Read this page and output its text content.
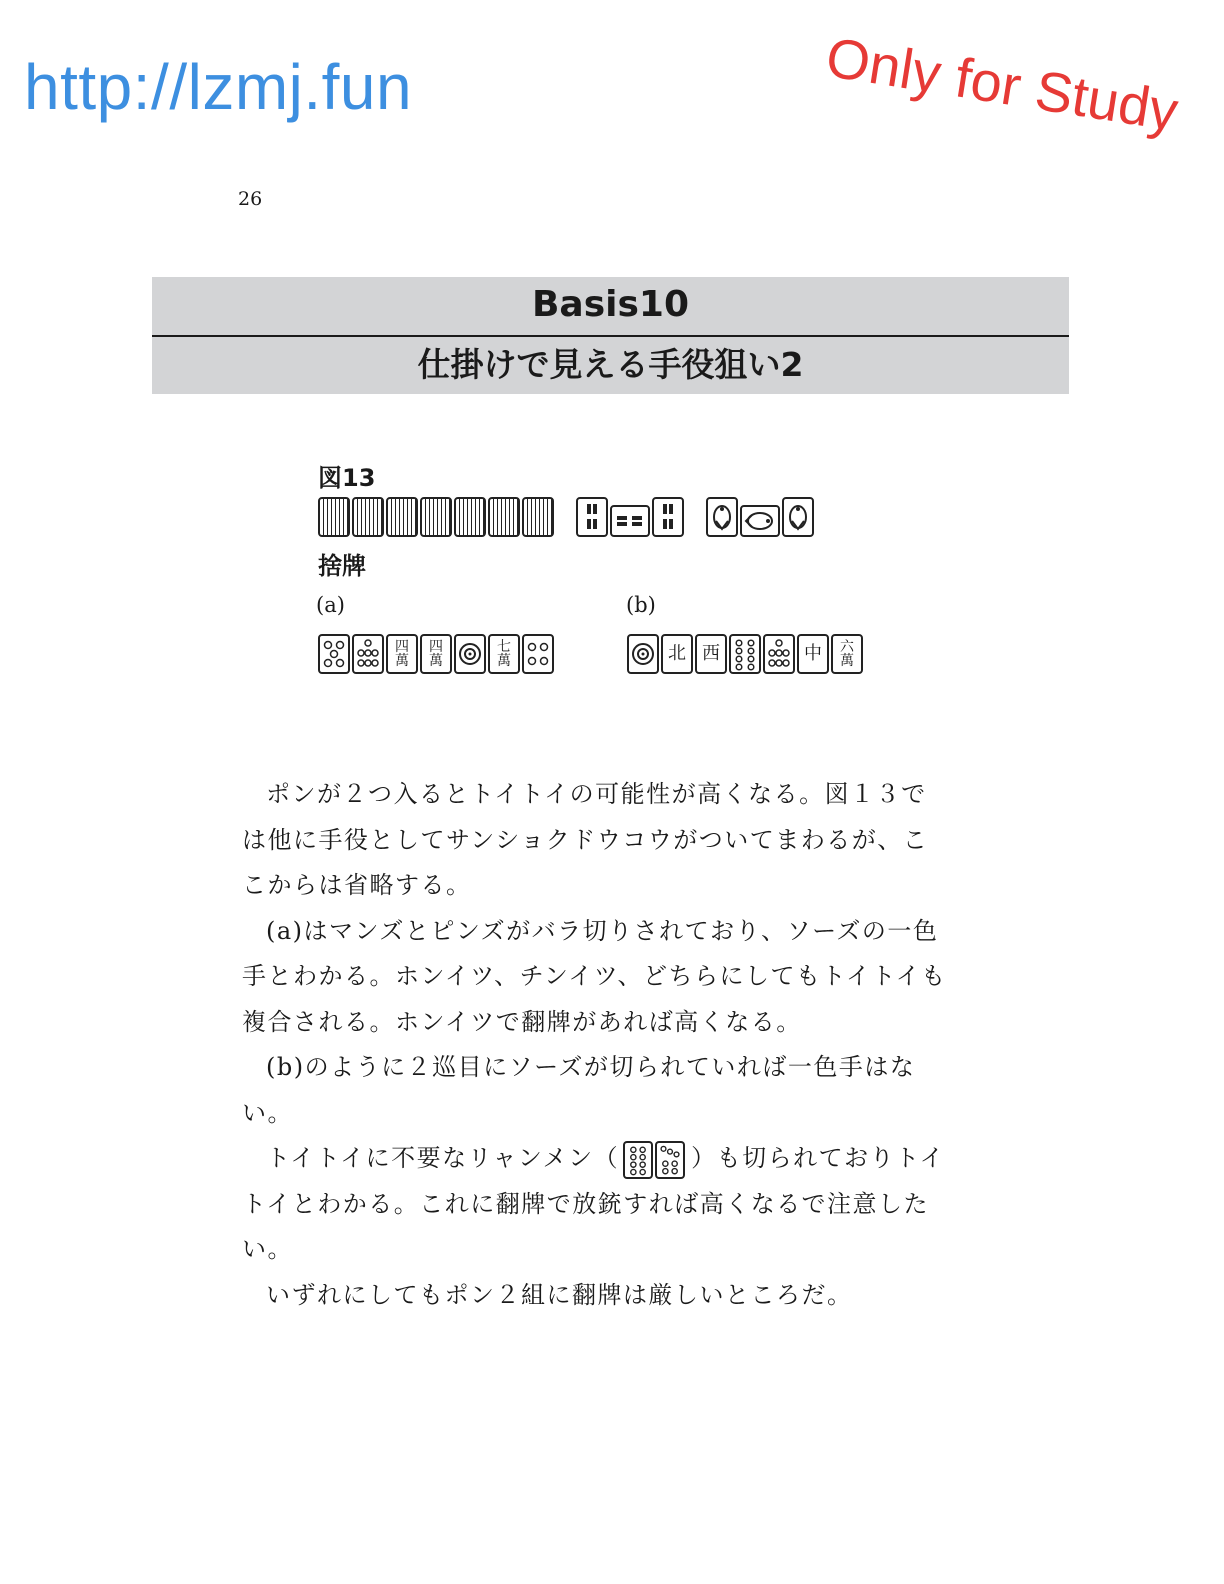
http://lzmj.fun	Only for Study
26
Basis10
仕掛けで見える手役狙い2
図13
捨牌
(a)	(b)
四
萬
四
萬
七
萬	北 西	中	六
萬

ポンが２つ入るとトイトイの可能性が高くなる。図１３では他に手役としてサンショクドウコウがついてまわるが、ここからは省略する。

(a)はマンズとピンズがバラ切りされており、ソーズの一色手とわかる。ホンイツ、チンイツ、どちらにしてもトイトイも複合される。ホンイツで翻牌があれば高くなる。

(b)のように２巡目にソーズが切られていれば一色手はない。

トイトイに不要なリャンメン（	）も切られておりトイトイとわかる。これに翻牌で放銃すれば高くなるで注意したい。

いずれにしてもポン２組に翻牌は厳しいところだ。
